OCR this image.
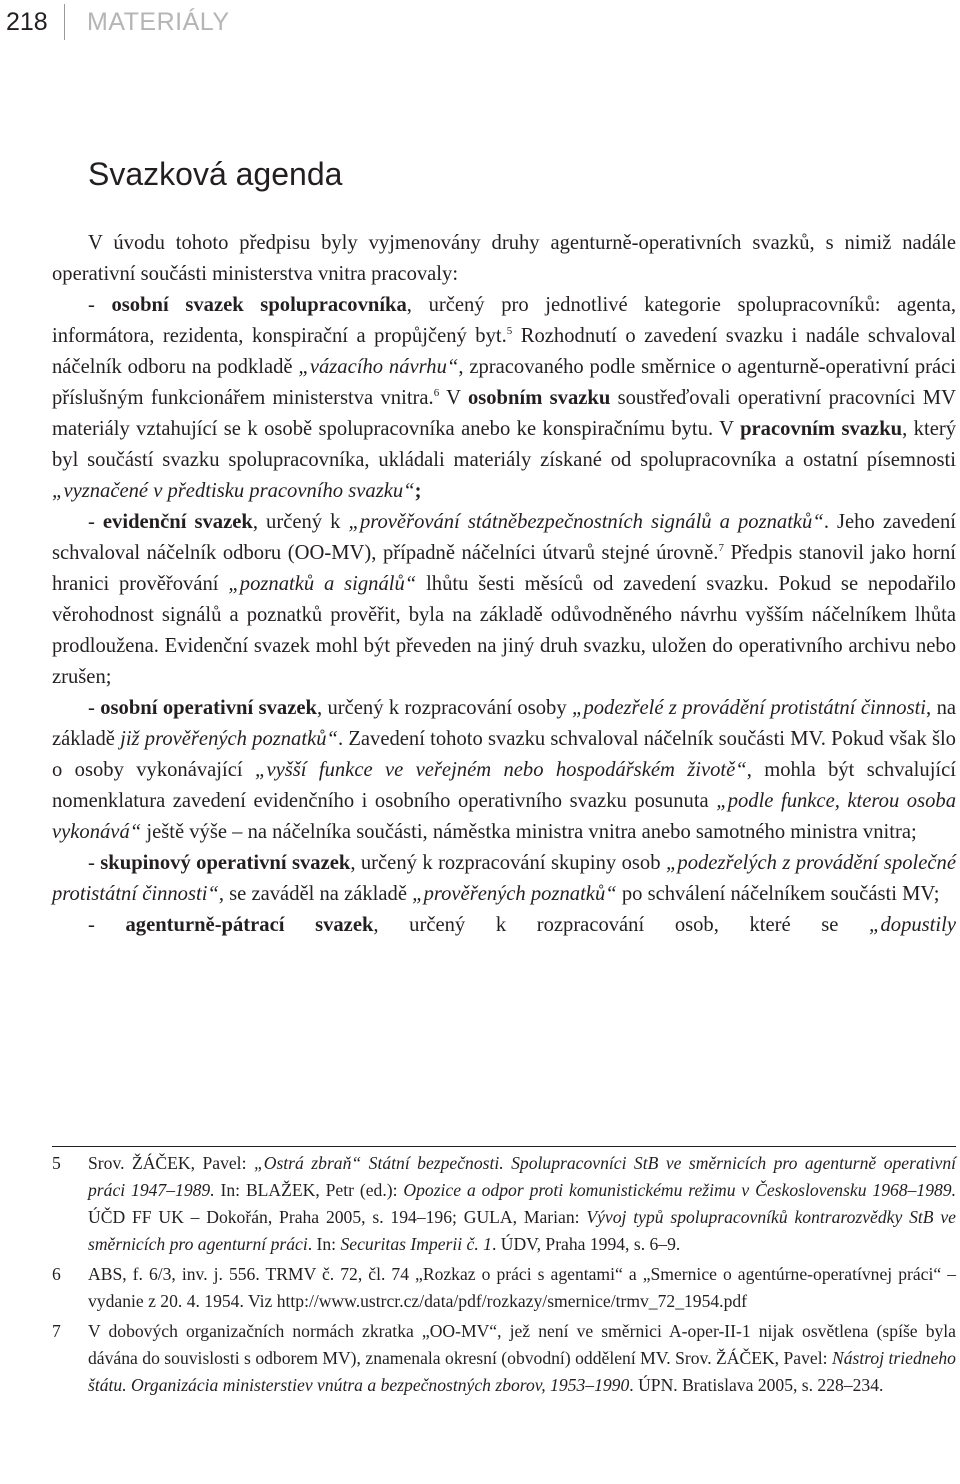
218	MATERIÁLY
Svazková agenda

V úvodu tohoto předpisu byly vyjmenovány druhy agenturně-operativních svazků, s nimiž nadále operativní součásti ministerstva vnitra pracovaly:

- osobní svazek spolupracovníka, určený pro jednotlivé kategorie spolupracovníků: agenta, informátora, rezidenta, konspirační a propůjčený byt.$^5$ Rozhodnutí o zavedení svazku i nadále schvaloval náčelník odboru na podkladě „vázacího návrhu“, zpracovaného podle směrnice o agenturně-operativní práci příslušným funkcionářem ministerstva vnitra.$^6$ V osobním svazku soustřeďovali operativní pracovníci MV materiály vztahující se k osobě spolupracovníka anebo ke konspiračnímu bytu. V pracovním svazku, který byl součástí svazku spolupracovníka, ukládali materiály získané od spolupracovníka a ostatní písemnosti „vyznačené v předtisku pracovního svazku“;

- evidenční svazek, určený k „prověřování státněbezpečnostních signálů a poznatků“. Jeho zavedení schvaloval náčelník odboru (OO-MV), případně náčelníci útvarů stejné úrovně.$^7$ Předpis stanovil jako horní hranici prověřování „poznatků a signálů“ lhůtu šesti měsíců od zavedení svazku. Pokud se nepodařilo věrohodnost signálů a poznatků prověřit, byla na základě odůvodněného návrhu vyšším náčelníkem lhůta prodloužena. Evidenční svazek mohl být převeden na jiný druh svazku, uložen do operativního archivu nebo zrušen;

- osobní operativní svazek, určený k rozpracování osoby „podezřelé z provádění protistátní činnosti, na základě již prověřených poznatků“. Zavedení tohoto svazku schvaloval náčelník součásti MV. Pokud však šlo o osoby vykonávající „vyšší funkce ve veřejném nebo hospodářském životě“, mohla být schvalující nomenklatura zavedení evidenčního i osobního operativního svazku posunuta „podle funkce, kterou osoba vykonává“ ještě výše – na náčelníka součásti, náměstka ministra vnitra anebo samotného ministra vnitra;

- skupinový operativní svazek, určený k rozpracování skupiny osob „podezřelých z provádění společné protistátní činnosti“, se zaváděl na základě „prověřených poznatků“ po schválení náčelníkem součásti MV;

- agenturně-pátrací svazek, určený k rozpracování osob, které se „dopustily

5	Srov. ŽÁČEK, Pavel: „Ostrá zbraň“ Státní bezpečnosti. Spolupracovníci StB ve směrnicích pro agenturně operativní práci 1947–1989. In: BLAŽEK, Petr (ed.): Opozice a odpor proti komunistickému režimu v Československu 1968–1989. ÚČD FF UK – Dokořán, Praha 2005, s. 194–196; GULA, Marian: Vývoj typů spolupracovníků kontrarozvědky StB ve směrnicích pro agenturní práci. In: Securitas Imperii č. 1. ÚDV, Praha 1994, s. 6–9.
6	ABS, f. 6/3, inv. j. 556. TRMV č. 72, čl. 74 „Rozkaz o práci s agentami“ a „Smernice o agentúrne-operatívnej práci“ – vydanie z 20. 4. 1954. Viz http://www.ustrcr.cz/data/pdf/rozkazy/smernice/trmv_72_1954.pdf
7	V dobových organizačních normách zkratka „OO-MV“, jež není ve směrnici A-oper-II-1 nijak osvětlena (spíše byla dávána do souvislosti s odborem MV), znamenala okresní (obvodní) oddělení MV. Srov. ŽÁČEK, Pavel: Nástroj triedneho štátu. Organizácia ministerstiev vnútra a bezpečnostných zborov, 1953–1990. ÚPN. Bratislava 2005, s. 228–234.
